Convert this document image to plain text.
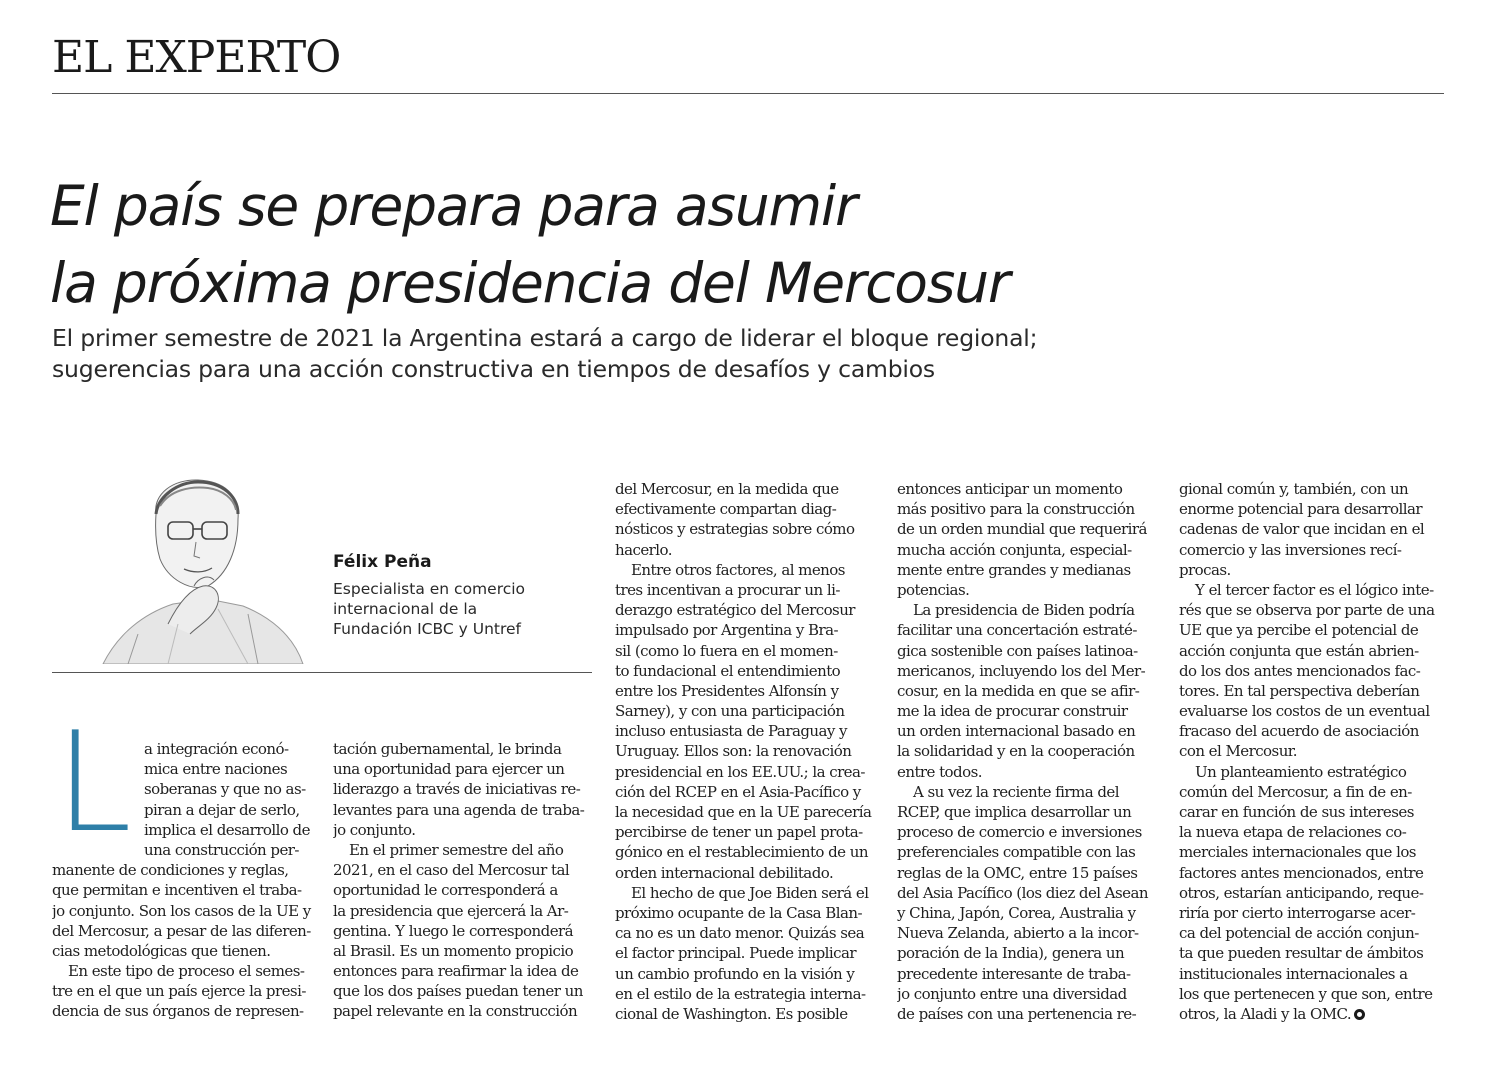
EL EXPERTO
El país se prepara para asumir
la próxima presidencia del Mercosur
El primer semestre de 2021 la Argentina estará a cargo de liderar el bloque regional;
sugerencias para una acción constructiva en tiempos de desafíos y cambios
Félix Peña
Especialista en comercio
internacional de la
Fundación ICBC y Untref
L a integración econó-
mica entre naciones
soberanas y que no as-
piran a dejar de serlo,
implica el desarrollo de
una construcción per-
manente de condiciones y reglas,
que permitan e incentiven el traba-
jo conjunto. Son los casos de la UE y
del Mercosur, a pesar de las diferen-
cias metodológicas que tienen.
En este tipo de proceso el semes-
tre en el que un país ejerce la presi-
dencia de sus órganos de represen-
tación gubernamental, le brinda
una oportunidad para ejercer un
liderazgo a través de iniciativas re-
levantes para una agenda de traba-
jo conjunto.
En el primer semestre del año
2021, en el caso del Mercosur tal
oportunidad le corresponderá a
la presidencia que ejercerá la Ar-
gentina. Y luego le corresponderá
al Brasil. Es un momento propicio
entonces para reafirmar la idea de
que los dos países puedan tener un
papel relevante en la construcción
del Mercosur, en la medida que
efectivamente compartan diag-
nósticos y estrategias sobre cómo
hacerlo.
Entre otros factores, al menos
tres incentivan a procurar un li-
derazgo estratégico del Mercosur
impulsado por Argentina y Bra-
sil (como lo fuera en el momen-
to fundacional el entendimiento
entre los Presidentes Alfonsín y
Sarney), y con una participación
incluso entusiasta de Paraguay y
Uruguay. Ellos son: la renovación
presidencial en los EE.UU.; la crea-
ción del RCEP en el Asia-Pacífico y
la necesidad que en la UE parecería
percibirse de tener un papel prota-
gónico en el restablecimiento de un
orden internacional debilitado.
El hecho de que Joe Biden será el
próximo ocupante de la Casa Blan-
ca no es un dato menor. Quizás sea
el factor principal. Puede implicar
un cambio profundo en la visión y
en el estilo de la estrategia interna-
cional de Washington. Es posible
entonces anticipar un momento
más positivo para la construcción
de un orden mundial que requerirá
mucha acción conjunta, especial-
mente entre grandes y medianas
potencias.
La presidencia de Biden podría
facilitar una concertación estraté-
gica sostenible con países latinoa-
mericanos, incluyendo los del Mer-
cosur, en la medida en que se afir-
me la idea de procurar construir
un orden internacional basado en
la solidaridad y en la cooperación
entre todos.
A su vez la reciente firma del
RCEP, que implica desarrollar un
proceso de comercio e inversiones
preferenciales compatible con las
reglas de la OMC, entre 15 países
del Asia Pacífico (los diez del Asean
y China, Japón, Corea, Australia y
Nueva Zelanda, abierto a la incor-
poración de la India), genera un
precedente interesante de traba-
jo conjunto entre una diversidad
de países con una pertenencia re-
gional común y, también, con un
enorme potencial para desarrollar
cadenas de valor que incidan en el
comercio y las inversiones recí-
procas.
Y el tercer factor es el lógico inte-
rés que se observa por parte de una
UE que ya percibe el potencial de
acción conjunta que están abrien-
do los dos antes mencionados fac-
tores. En tal perspectiva deberían
evaluarse los costos de un eventual
fracaso del acuerdo de asociación
con el Mercosur.
Un planteamiento estratégico
común del Mercosur, a fin de en-
carar en función de sus intereses
la nueva etapa de relaciones co-
merciales internacionales que los
factores antes mencionados, entre
otros, estarían anticipando, reque-
riría por cierto interrogarse acer-
ca del potencial de acción conjun-
ta que pueden resultar de ámbitos
institucionales internacionales a
los que pertenecen y que son, entre
otros, la Aladi y la OMC.
